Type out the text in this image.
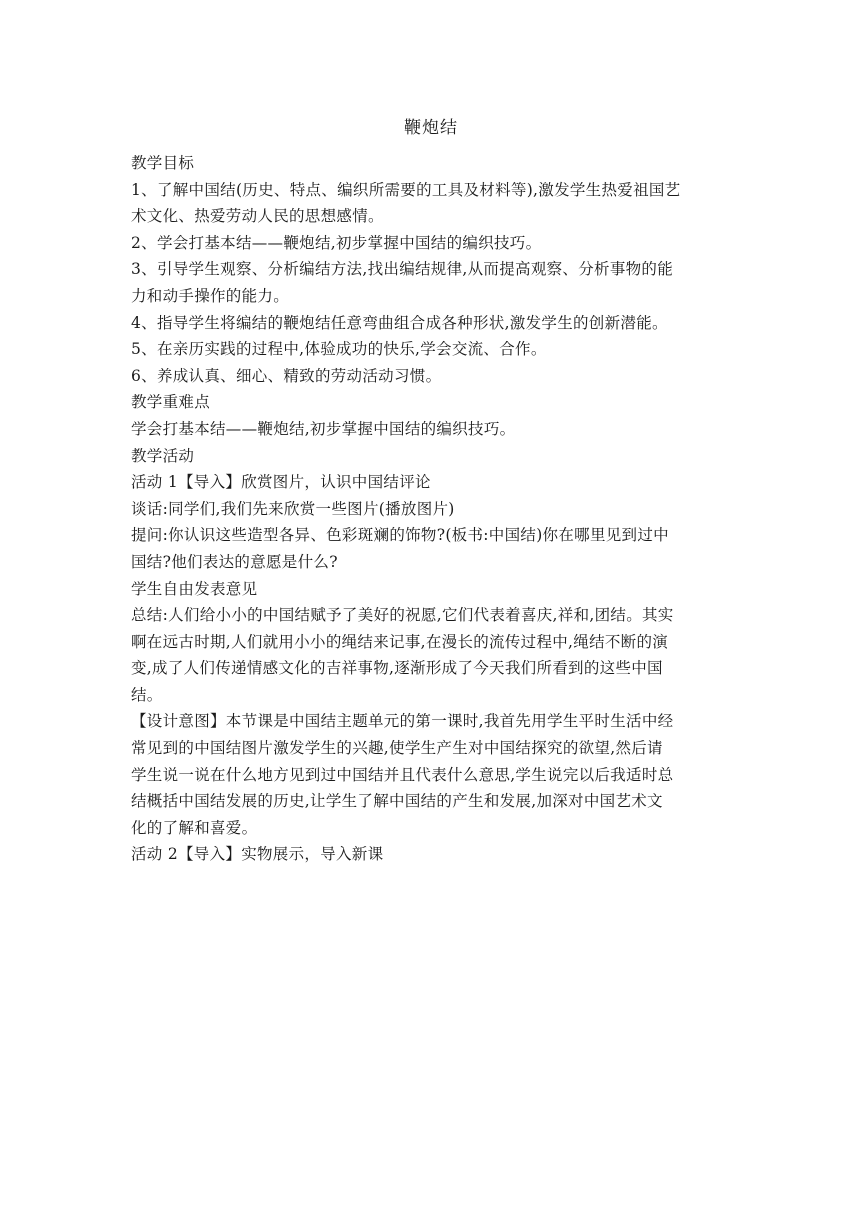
鞭炮结

教学目标

1、了解中国结(历史、特点、编织所需要的工具及材料等),激发学生热爱祖国艺

术文化、热爱劳动人民的思想感情。

2、学会打基本结——鞭炮结,初步掌握中国结的编织技巧。

3、引导学生观察、分析编结方法,找出编结规律,从而提高观察、分析事物的能

力和动手操作的能力。

4、指导学生将编结的鞭炮结任意弯曲组合成各种形状,激发学生的创新潜能。

5、在亲历实践的过程中,体验成功的快乐,学会交流、合作。

6、养成认真、细心、精致的劳动活动习惯。

教学重难点

学会打基本结——鞭炮结,初步掌握中国结的编织技巧。

教学活动

活动 1【导入】欣赏图片，认识中国结评论

谈话:同学们,我们先来欣赏一些图片(播放图片)

提问:你认识这些造型各异、色彩斑斓的饰物?(板书:中国结)你在哪里见到过中

国结?他们表达的意愿是什么?

学生自由发表意见

总结:人们给小小的中国结赋予了美好的祝愿,它们代表着喜庆,祥和,团结。其实

啊在远古时期,人们就用小小的绳结来记事,在漫长的流传过程中,绳结不断的演

变,成了人们传递情感文化的吉祥事物,逐渐形成了今天我们所看到的这些中国

结。

【设计意图】本节课是中国结主题单元的第一课时,我首先用学生平时生活中经

常见到的中国结图片激发学生的兴趣,使学生产生对中国结探究的欲望,然后请

学生说一说在什么地方见到过中国结并且代表什么意思,学生说完以后我适时总

结概括中国结发展的历史,让学生了解中国结的产生和发展,加深对中国艺术文

化的了解和喜爱。

活动 2【导入】实物展示，导入新课
